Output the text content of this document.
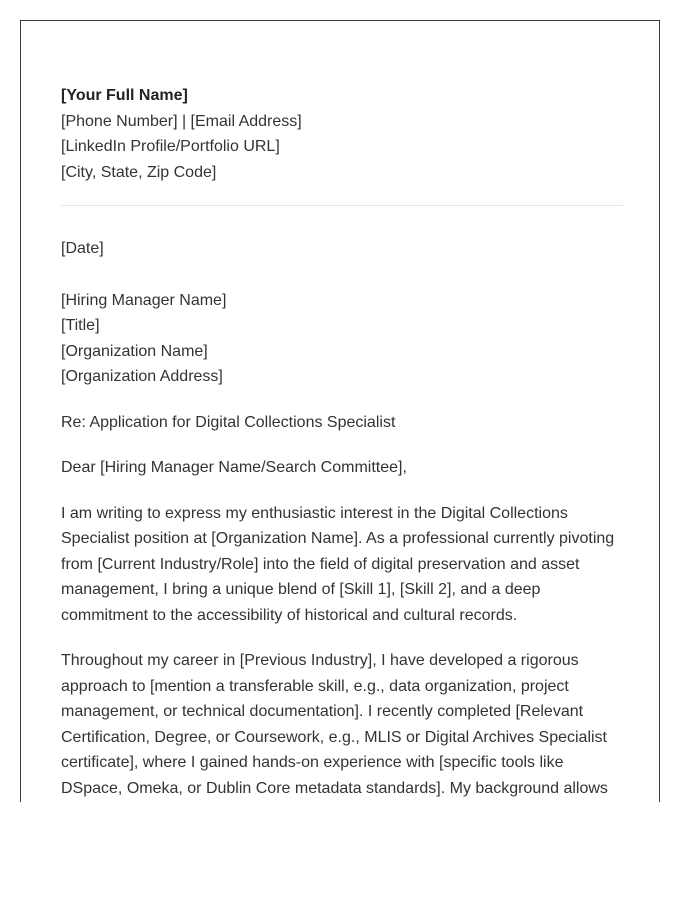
[Your Full Name]
[Phone Number] | [Email Address]
[LinkedIn Profile/Portfolio URL]
[City, State, Zip Code]
[Date]
[Hiring Manager Name]
[Title]
[Organization Name]
[Organization Address]
Re: Application for Digital Collections Specialist
Dear [Hiring Manager Name/Search Committee],
I am writing to express my enthusiastic interest in the Digital Collections Specialist position at [Organization Name]. As a professional currently pivoting from [Current Industry/Role] into the field of digital preservation and asset management, I bring a unique blend of [Skill 1], [Skill 2], and a deep commitment to the accessibility of historical and cultural records.
Throughout my career in [Previous Industry], I have developed a rigorous approach to [mention a transferable skill, e.g., data organization, project management, or technical documentation]. I recently completed [Relevant Certification, Degree, or Coursework, e.g., MLIS or Digital Archives Specialist certificate], where I gained hands-on experience with [specific tools like DSpace, Omeka, or Dublin Core metadata standards]. My background allows
